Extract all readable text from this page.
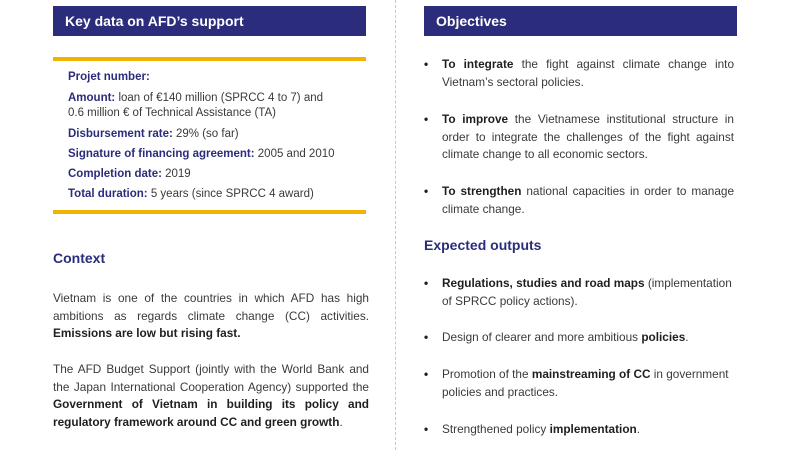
Key data on AFD’s support
Projet number:
Amount: loan of €140 million (SPRCC 4 to 7) and
0.6 million € of Technical Assistance (TA)
Disbursement rate: 29% (so far)
Signature of financing agreement: 2005 and 2010
Completion date: 2019
Total duration: 5 years (since SPRCC 4 award)
Context

Vietnam is one of the countries in which AFD has high ambitions as regards climate change (CC) activities. Emissions are low but rising fast.

The AFD Budget Support (jointly with the World Bank and the Japan International Cooperation Agency) supported the Government of Vietnam in building its policy and regulatory framework around CC and green growth.

Objectives
•	To integrate the fight against climate change into Vietnam’s sectoral policies.
•	To improve the Vietnamese institutional structure in order to integrate the challenges of the fight against climate change to all economic sectors.
•	To strengthen national capacities in order to manage climate change.
Expected outputs
•	Regulations, studies and road maps (implementation of SPRCC policy actions).
•	Design of clearer and more ambitious policies.
•	Promotion of the mainstreaming of CC in government policies and practices.
•	Strengthened policy implementation.
